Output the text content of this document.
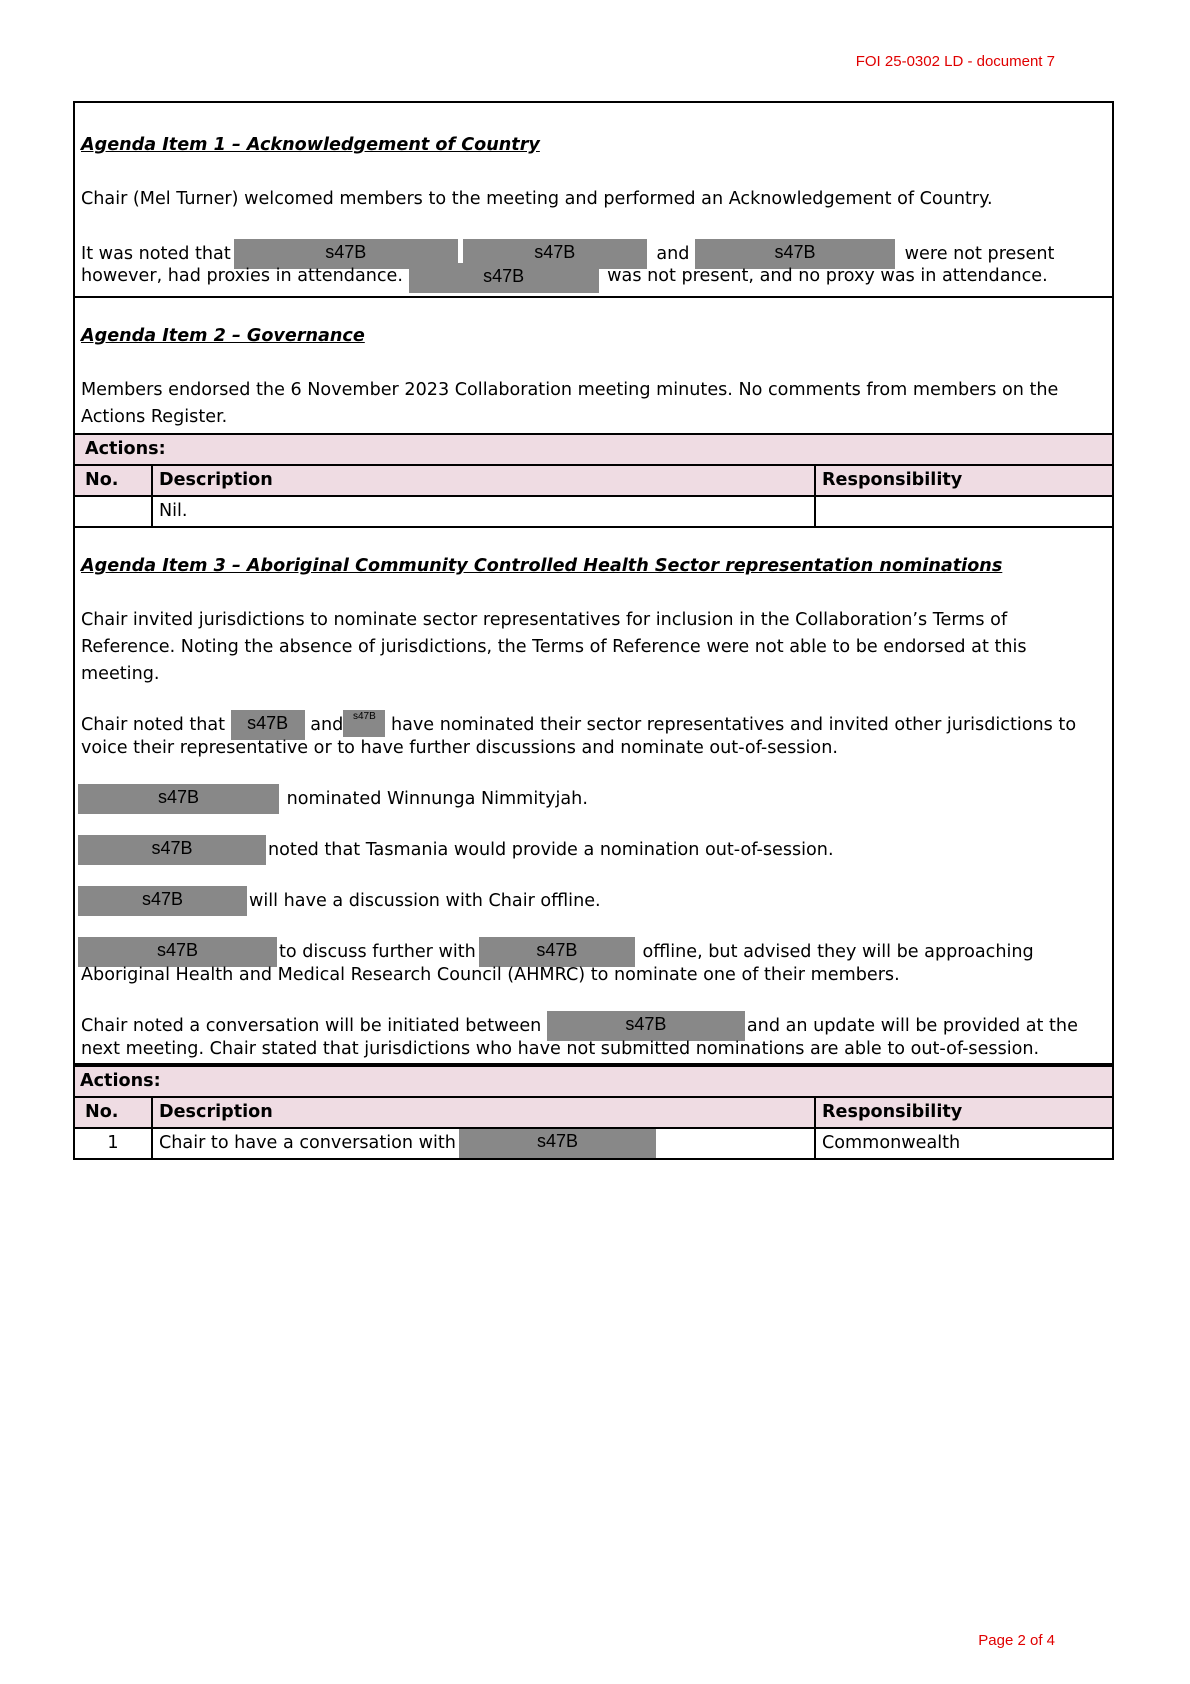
FOI 25-0302 LD - document 7

Agenda Item 1 – Acknowledgement of Country

Chair (Mel Turner) welcomed members to the meeting and performed an Acknowledgement of Country.

It was noted that	s47B	s47B	and	s47B	were not present

however, had proxies in attendance.	s47B	was not present, and no proxy was in attendance.

Agenda Item 2 – Governance

Members endorsed the 6 November 2023 Collaboration meeting minutes. No comments from members on the

Actions Register.

Actions:
No.	Description	Responsibility
	Nil.	

Agenda Item 3 – Aboriginal Community Controlled Health Sector representation nominations

Chair invited jurisdictions to nominate sector representatives for inclusion in the Collaboration’s Terms of

Reference. Noting the absence of jurisdictions, the Terms of Reference were not able to be endorsed at this

meeting.

Chair noted that s47B and s47B have nominated their sector representatives and invited other jurisdictions to

voice their representative or to have further discussions and nominate out-of-session.

s47B	nominated Winnunga Nimmityjah.

s47B	noted that Tasmania would provide a nomination out-of-session.

s47B	will have a discussion with Chair offline.

s47B	to discuss further with	s47B	offline, but advised they will be approaching

Aboriginal Health and Medical Research Council (AHMRC) to nominate one of their members.

Chair noted a conversation will be initiated between	s47B	and an update will be provided at the

next meeting. Chair stated that jurisdictions who have not submitted nominations are able to out-of-session.

Actions:
No.	Description	Responsibility
1	Chair to have a conversation with s47B	Commonwealth
Page 2 of 4
